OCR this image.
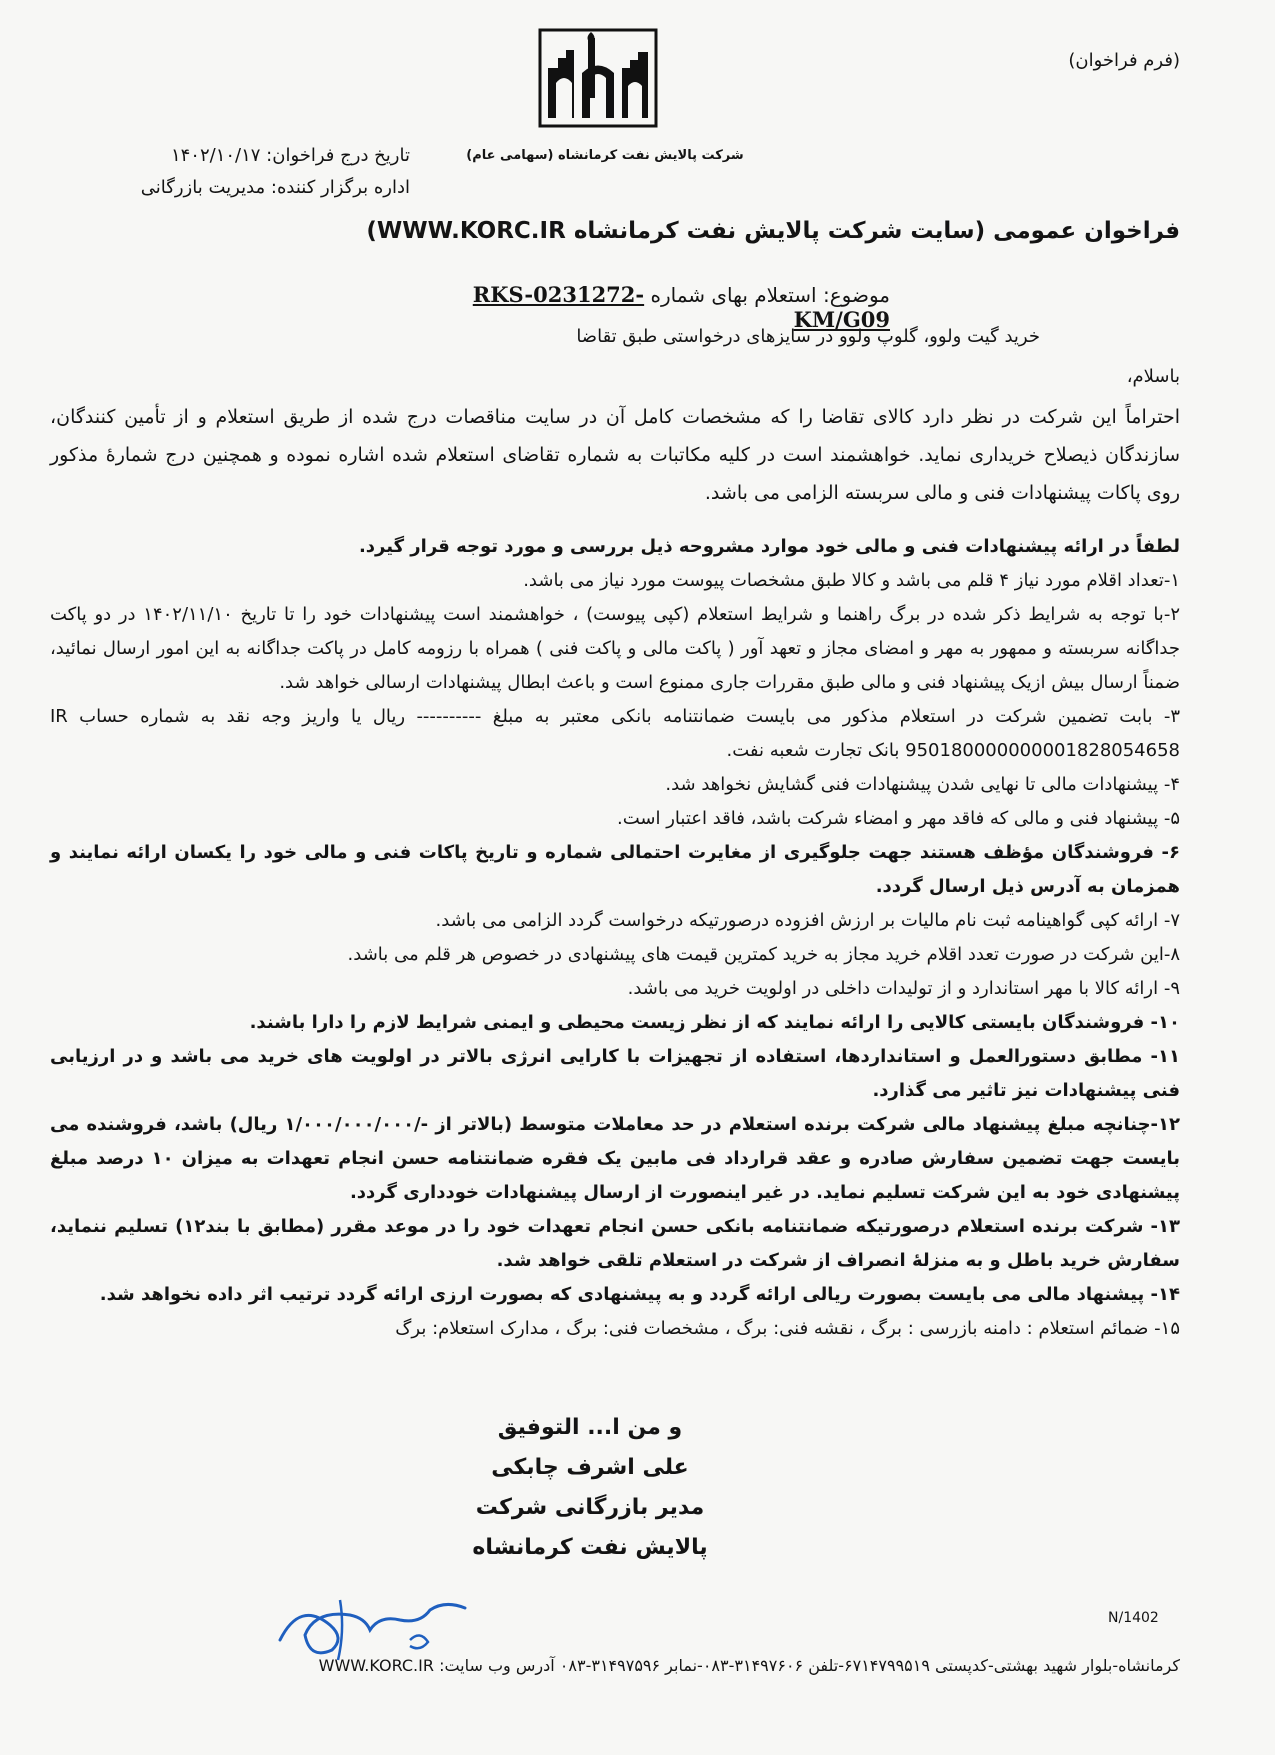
شرکت پالایش نفت کرمانشاه (سهامی عام)
(فرم فراخوان)
تاریخ درج فراخوان: ۱۴۰۲/۱۰/۱۷
اداره برگزار کننده: مدیریت بازرگانی
فراخوان عمومی (سایت شرکت پالایش نفت کرمانشاه WWW.KORC.IR)
موضوع: استعلام بهای شماره RKS-0231272-KM/G09
خرید گیت ولوو، گلوپ ولوو در سایزهای درخواستی طبق تقاضا
باسلام،
احتراماً این شرکت در نظر دارد کالای تقاضا را که مشخصات کامل آن در سایت مناقصات درج شده از طریق استعلام و از تأمین کنندگان، سازندگان ذیصلاح خریداری نماید. خواهشمند است در کلیه مکاتبات به شماره تقاضای استعلام شده اشاره نموده و همچنین درج شمارهٔ مذکور روی پاکات پیشنهادات فنی و مالی سربسته الزامی می باشد.
لطفاً در ارائه پیشنهادات فنی و مالی خود موارد مشروحه ذیل بررسی و مورد توجه قرار گیرد.
۱-تعداد اقلام مورد نیاز ۴ قلم می باشد و کالا طبق مشخصات پیوست مورد نیاز می باشد.
۲-با توجه به شرایط ذکر شده در برگ راهنما و شرایط استعلام (کپی پیوست) ، خواهشمند است پیشنهادات خود را تا تاریخ ۱۴۰۲/۱۱/۱۰ در دو پاکت جداگانه سربسته و ممهور به مهر و امضای مجاز و تعهد آور ( پاکت مالی و پاکت فنی ) همراه با رزومه کامل در پاکت جداگانه به این امور ارسال نمائید، ضمناً ارسال بیش ازیک پیشنهاد فنی و مالی طبق مقررات جاری ممنوع است و باعث ابطال پیشنهادات ارسالی خواهد شد.
۳- بابت تضمین شرکت در استعلام مذکور می بایست ضمانتنامه بانکی معتبر به مبلغ ---------- ریال یا واریز وجه نقد به شماره حساب IR 950180000000001828054658 بانک تجارت شعبه نفت.
۴- پیشنهادات مالی تا نهایی شدن پیشنهادات فنی گشایش نخواهد شد.
۵- پیشنهاد فنی و مالی که فاقد مهر و امضاء شرکت باشد، فاقد اعتبار است.
۶- فروشندگان مؤظف هستند جهت جلوگیری از مغایرت احتمالی شماره و تاریخ پاکات فنی و مالی خود را یکسان ارائه نمایند و همزمان به آدرس ذیل ارسال گردد.
۷- ارائه کپی گواهینامه ثبت نام مالیات بر ارزش افزوده درصورتیکه درخواست گردد الزامی می باشد.
۸-این شرکت در صورت تعدد اقلام خرید مجاز به خرید کمترین قیمت های پیشنهادی در خصوص هر قلم می باشد.
۹- ارائه کالا با مهر استاندارد و از تولیدات داخلی در اولویت خرید می باشد.
۱۰- فروشندگان بایستی کالایی را ارائه نمایند که از نظر زیست محیطی و ایمنی شرایط لازم را دارا باشند.
۱۱- مطابق دستورالعمل و استانداردها، استفاده از تجهیزات با کارایی انرژی بالاتر در اولویت های خرید می باشد و در ارزیابی فنی پیشنهادات نیز تاثیر می گذارد.
۱۲-چنانچه مبلغ پیشنهاد مالی شرکت برنده استعلام در حد معاملات متوسط (بالاتر از -/۱/۰۰۰/۰۰۰/۰۰۰ ریال) باشد، فروشنده می بایست جهت تضمین سفارش صادره و عقد قرارداد فی مابین یک فقره ضمانتنامه حسن انجام تعهدات به میزان ۱۰ درصد مبلغ پیشنهادی خود به این شرکت تسلیم نماید. در غیر اینصورت از ارسال پیشنهادات خودداری گردد.
۱۳- شرکت برنده استعلام درصورتیکه ضمانتنامه بانکی حسن انجام تعهدات خود را در موعد مقرر (مطابق با بند۱۲) تسلیم ننماید، سفارش خرید باطل و به منزلهٔ انصراف از شرکت در استعلام تلقی خواهد شد.
۱۴- پیشنهاد مالی می بایست بصورت ریالی ارائه گردد و به پیشنهادی که بصورت ارزی ارائه گردد ترتیب اثر داده نخواهد شد.
۱۵- ضمائم استعلام : دامنه بازرسی : برگ ، نقشه فنی: برگ ، مشخصات فنی: برگ ، مدارک استعلام: برگ
و من ا... التوفیق
علی اشرف چابکی
مدیر بازرگانی شرکت پالایش نفت کرمانشاه
N/1402
کرمانشاه-بلوار شهید بهشتی-کدپستی ۶۷۱۴۷۹۹۵۱۹-تلفن ۳۱۴۹۷۶۰۶-۰۸۳-نمابر ۳۱۴۹۷۵۹۶-۰۸۳ آدرس وب سایت: WWW.KORC.IR
